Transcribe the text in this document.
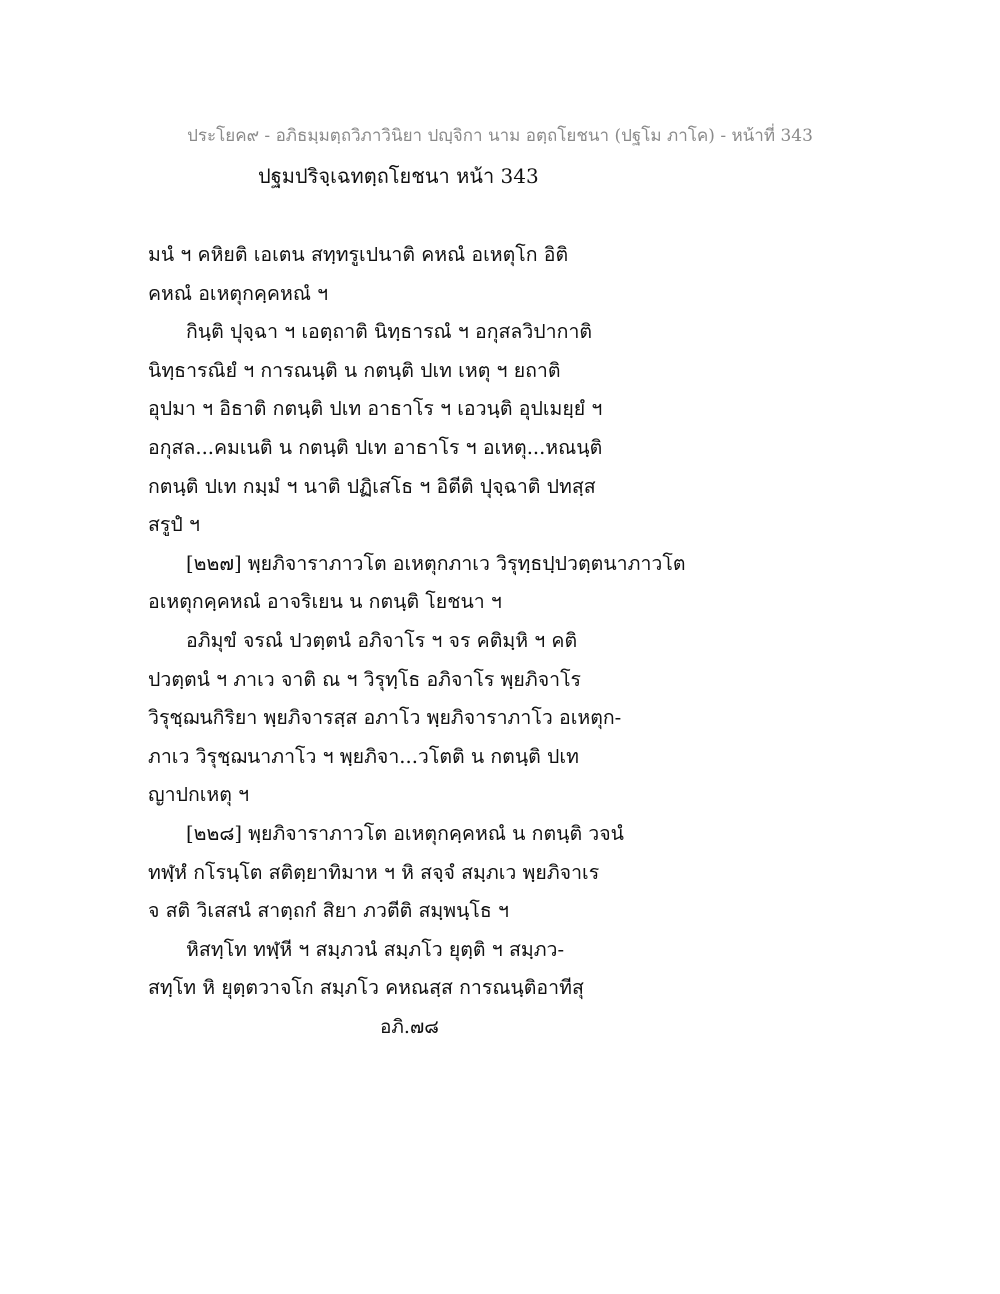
ประโยค๙ - อภิธมฺมตฺถวิภาวินิยา ปญฺจิกา นาม อตฺถโยชนา (ปฐโม ภาโค) - หน้าที่ 343
ปฐมปริจฺเฉทตฺถโยชนา หน้า 343
มนํ ฯ คหิยติ เอเตน สทฺทรูเปนาติ คหณํ อเหตุโก อิติ
คหณํ อเหตุกคฺคหณํ ฯ
กินฺติ ปุจฺฉา ฯ เอตฺถาติ นิทฺธารณํ ฯ อกุสลวิปากาติ
นิทฺธารณิยํ ฯ การณนฺติ น กตนฺติ ปเท เหตุ ฯ ยถาติ
อุปมา ฯ อิธาติ กตนฺติ ปเท อาธาโร ฯ เอวนฺติ อุปเมยฺยํ ฯ
อกุสล...คมเนติ น กตนฺติ ปเท อาธาโร ฯ อเหตุ...หณนฺติ
กตนฺติ ปเท กมฺมํ ฯ นาติ ปฏิเสโธ ฯ อิตีติ ปุจฺฉาติ ปทสฺส
สรูปํ ฯ
[๒๒๗] พฺยภิจาราภาวโต อเหตุกภาเว วิรุทฺธปฺปวตฺตนาภาวโต
อเหตุกคฺคหณํ อาจริเยน น กตนฺติ โยชนา ฯ
อภิมุขํ จรณํ ปวตฺตนํ อภิจาโร ฯ จร คติมฺหิ ฯ คติ
ปวตฺตนํ ฯ ภาเว จาติ ณ ฯ วิรุทฺโธ อภิจาโร พฺยภิจาโร
วิรุชฺฌนกิริยา พฺยภิจารสฺส อภาโว พฺยภิจาราภาโว อเหตุก-
ภาเว วิรุชฺฌนาภาโว ฯ พฺยภิจา...วโตติ น กตนฺติ ปเท
ญาปกเหตุ ฯ
[๒๒๘] พฺยภิจาราภาวโต อเหตุกคฺคหณํ น กตนฺติ วจนํ
ทฬฺหํ กโรนฺโต สติตฺยาทิมาห ฯ หิ สจฺจํ สมฺภเว พฺยภิจาเร
จ สติ วิเสสนํ สาตฺถกํ สิยา ภวตีติ สมฺพนฺโธ ฯ
หิสทฺโท ทฬฺหี ฯ สมฺภวนํ สมฺภโว ยุตฺติ ฯ สมฺภว-
สทฺโท หิ ยุตฺตวาจโก สมฺภโว คหณสฺส การณนฺติอาทีสุ
อภิ.๗๘
